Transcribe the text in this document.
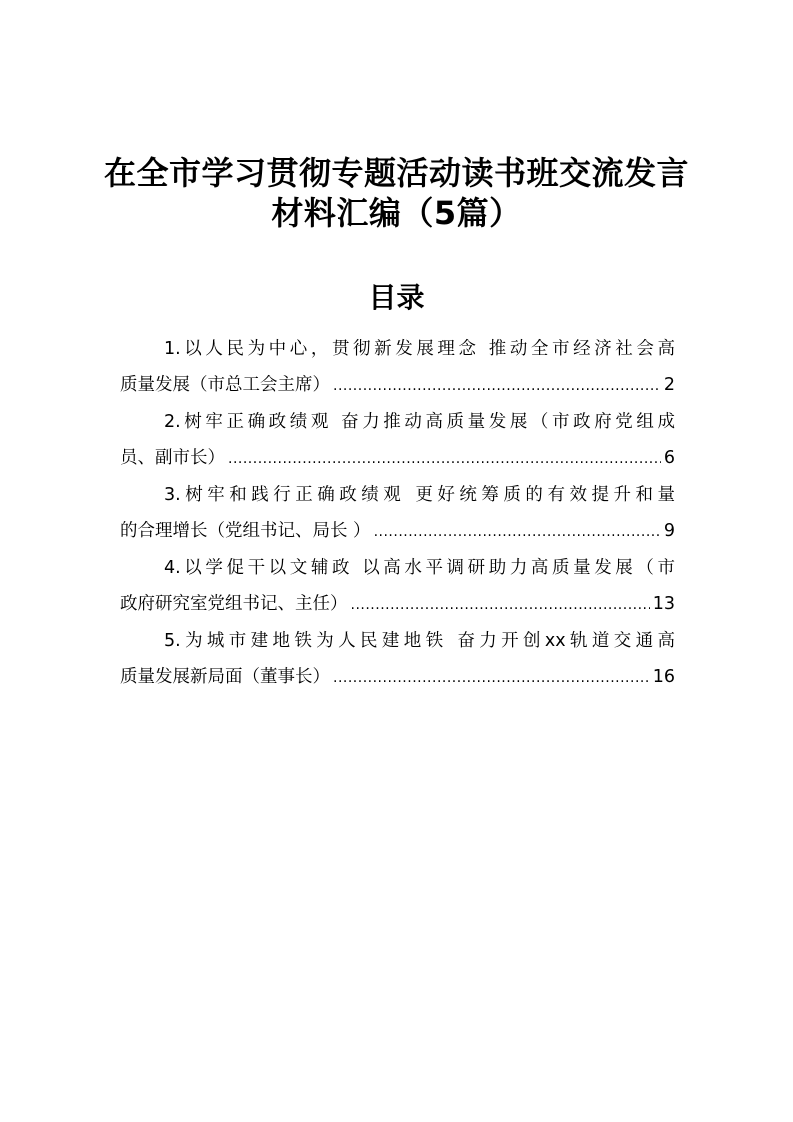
在全市学习贯彻专题活动读书班交流发言
材料汇编（5篇）
目录
1.以人民为中心，贯彻新发展理念 推动全市经济社会高
质量发展（市总工会主席） .....	2
2.树牢正确政绩观 奋力推动高质量发展（市政府党组成
员、副市长） .....	6
3.树牢和践行正确政绩观 更好统筹质的有效提升和量
的合理增长（党组书记、局长 ） .....	9
4.以学促干以文辅政 以高水平调研助力高质量发展（市
政府研究室党组书记、主任） .....	13
5.为城市建地铁为人民建地铁 奋力开创xx轨道交通高
质量发展新局面（董事长） .....	16
